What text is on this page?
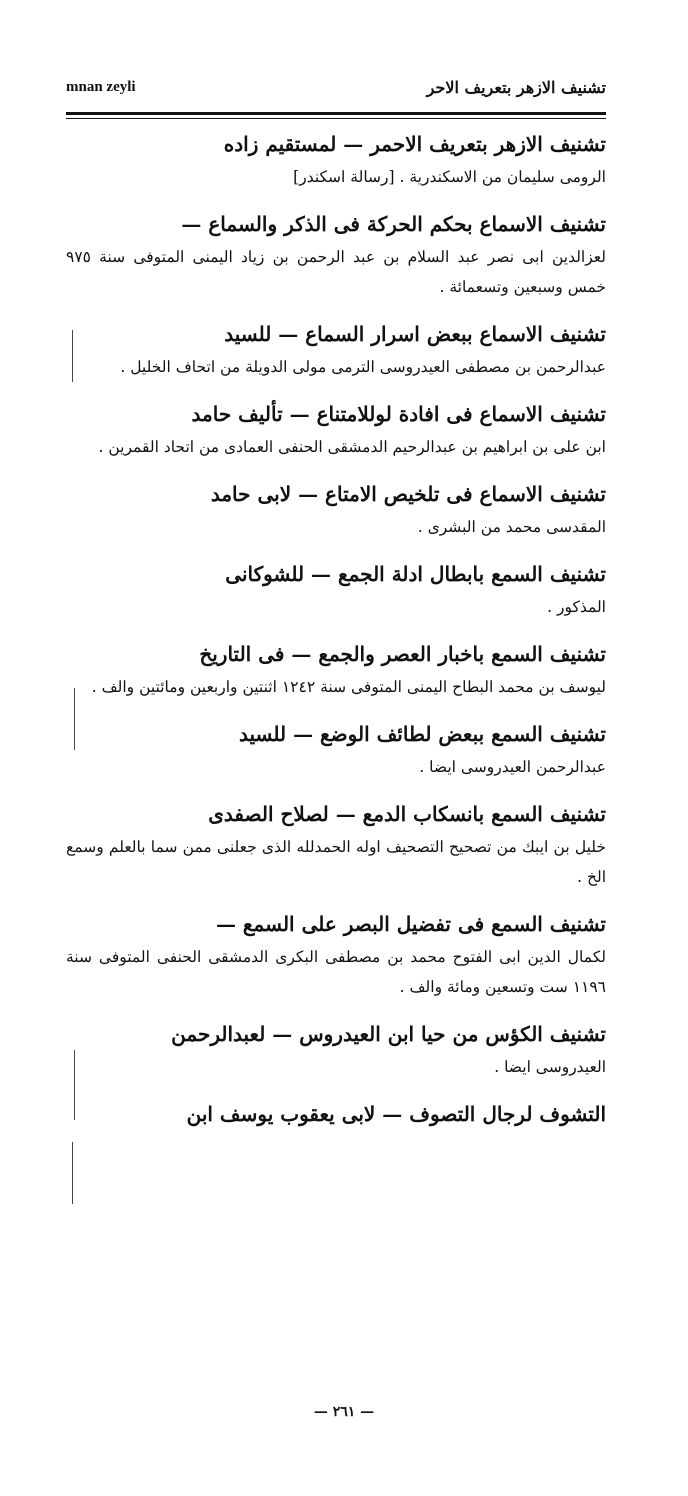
mnan zeyli	تشنيف الازهر بتعريف الاحر

تشنيف الازهر بتعريف الاحمر — لمستقيم زاده

الرومى سليمان من الاسكندرية . [رسالة اسكندر]

تشنيف الاسماع بحكم الحركة فى الذكر والسماع —

لعزالدين ابى نصر عبد السلام بن عبد الرحمن بن زياد اليمنى المتوفى سنة ٩٧٥ خمس وسبعين وتسعمائة .

تشنيف الاسماع ببعض اسرار السماع — للسيد

عبدالرحمن بن مصطفى العيدروسى الترمى مولى الدويلة من اتحاف الخليل .

تشنيف الاسماع فى افادة لوللامتناع — تأليف حامد

ابن على بن ابراهيم بن عبدالرحيم الدمشقى الحنفى العمادى من اتحاد القمرين .

تشنيف الاسماع فى تلخيص الامتاع — لابى حامد

المقدسى محمد من البشرى .

تشنيف السمع بابطال ادلة الجمع — للشوكانى

المذكور .

تشنيف السمع باخبار العصر والجمع — فى التاريخ

ليوسف بن محمد البطاح اليمنى المتوفى سنة ١٢٤٢ اثنتين واربعين ومائتين والف .

تشنيف السمع ببعض لطائف الوضع — للسيد

عبدالرحمن العيدروسى ايضا .

تشنيف السمع بانسكاب الدمع — لصلاح الصفدى

خليل بن ايبك من تصحيح التصحيف اوله الحمدلله الذى جعلنى ممن سما بالعلم وسمع الخ .

تشنيف السمع فى تفضيل البصر على السمع —

لكمال الدين ابى الفتوح محمد بن مصطفى البكرى الدمشقى الحنفى المتوفى سنة ١١٩٦ ست وتسعين ومائة والف .

تشنيف الكؤس من حيا ابن العيدروس — لعبدالرحمن

العيدروسى ايضا .

التشوف لرجال التصوف — لابى يعقوب يوسف ابن

— ٢٦١ —
